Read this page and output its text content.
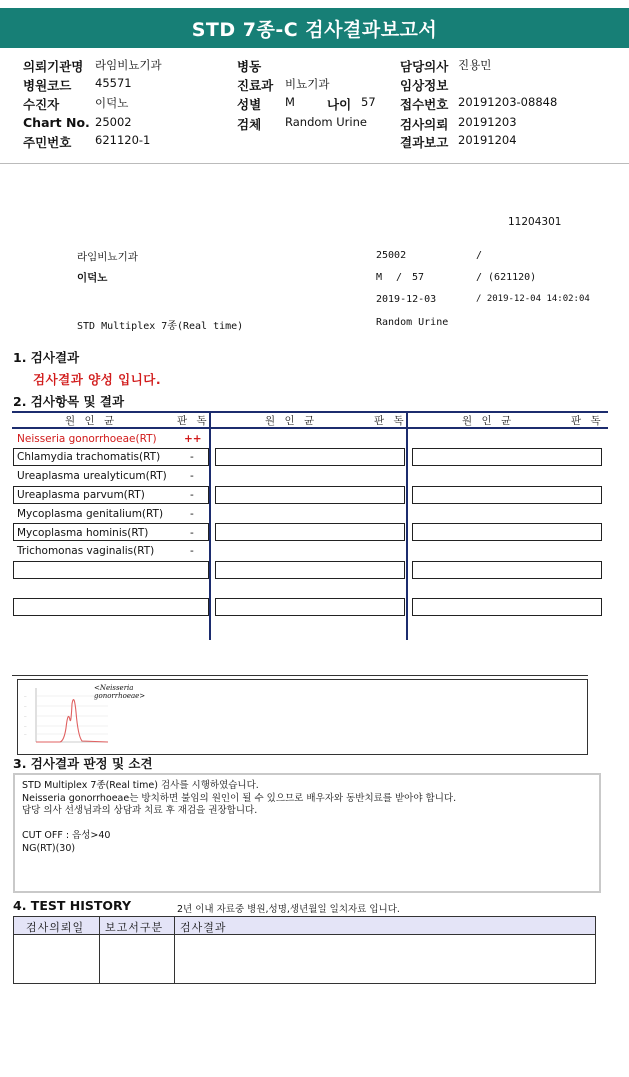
STD 7종-C 검사결과보고서
의뢰기관명 라임비뇨기과
병원코드 45571
수진자	이덕노
Chart No. 25002
주민번호 621120-1
병동
진료과 비뇨기과
성별 M	나이 57
검체 Random Urine
담당의사 진용민
임상정보
접수번호 20191203-08848
검사의뢰 20191203
결과보고 20191204
11204301
라임비뇨기과
이덕노
25002	/
M / 57	/ (621120)
2019-12-03	/ 2019-12-04 14:02:04
STD Multiplex 7종(Real time)	Random Urine
1. 검사결과
검사결과 양성 입니다.
2. 검사항목 및 결과
원 인 균	판 독	원 인 균	판 독	원 인 균	판 독
Neisseria gonorrhoeae(RT)	++
Chlamydia trachomatis(RT)	-
Ureaplasma urealyticum(RT) -
Ureaplasma parvum(RT)	-
Mycoplasma genitalium(RT)	-
Mycoplasma hominis(RT)	-
Trichomonas vaginalis(RT)	-
—
—
—
—
—
<Neisseria gonorrhoeae>
3. 검사결과 판정 및 소견
STD Multiplex 7종(Real time) 검사를 시행하였습니다.
Neisseria gonorrhoeae는 방치하면 불임의 원인이 될 수 있으므로 배우자와 동반치료를 받아야 합니다.
담당 의사 선생님과의 상담과 치료 후 재검을 권장합니다.
CUT OFF : 음성>40
NG(RT)(30)
4. TEST HISTORY	2년 이내 자료중 병원,성명,생년월일 일치자료 입니다.
검사의뢰일 보고서구분 검사결과
